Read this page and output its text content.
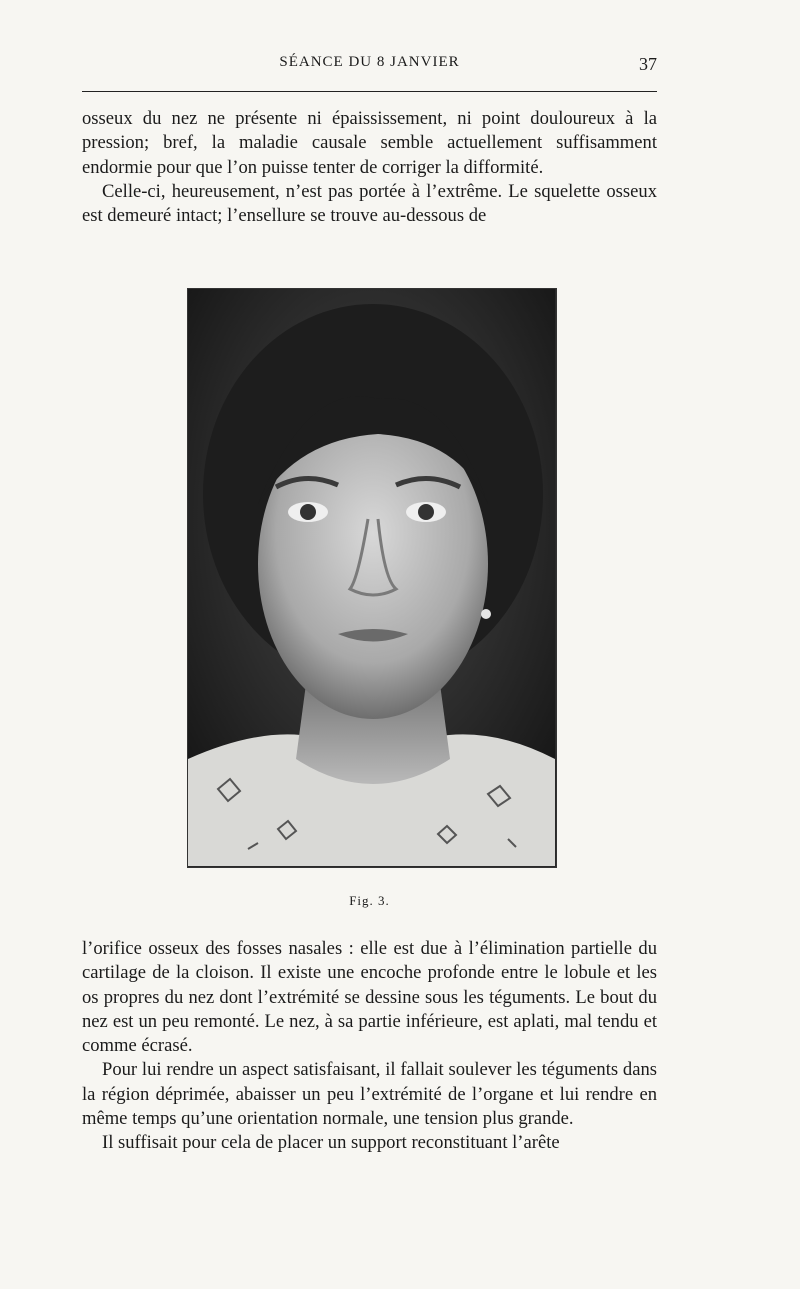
SÉANCE DU 8 JANVIER	37

osseux du nez ne présente ni épaississement, ni point douloureux à la pression; bref, la maladie causale semble actuellement suffisamment endormie pour que l’on puisse tenter de corriger la difformité.

Celle-ci, heureusement, n’est pas portée à l’extrême. Le squelette osseux est demeuré intact; l’ensellure se trouve au-dessous de

Fig. 3.

l’orifice osseux des fosses nasales : elle est due à l’élimination partielle du cartilage de la cloison. Il existe une encoche profonde entre le lobule et les os propres du nez dont l’extrémité se dessine sous les téguments. Le bout du nez est un peu remonté. Le nez, à sa partie inférieure, est aplati, mal tendu et comme écrasé.

Pour lui rendre un aspect satisfaisant, il fallait soulever les téguments dans la région déprimée, abaisser un peu l’extrémité de l’organe et lui rendre en même temps qu’une orientation normale, une tension plus grande.

Il suffisait pour cela de placer un support reconstituant l’arête
